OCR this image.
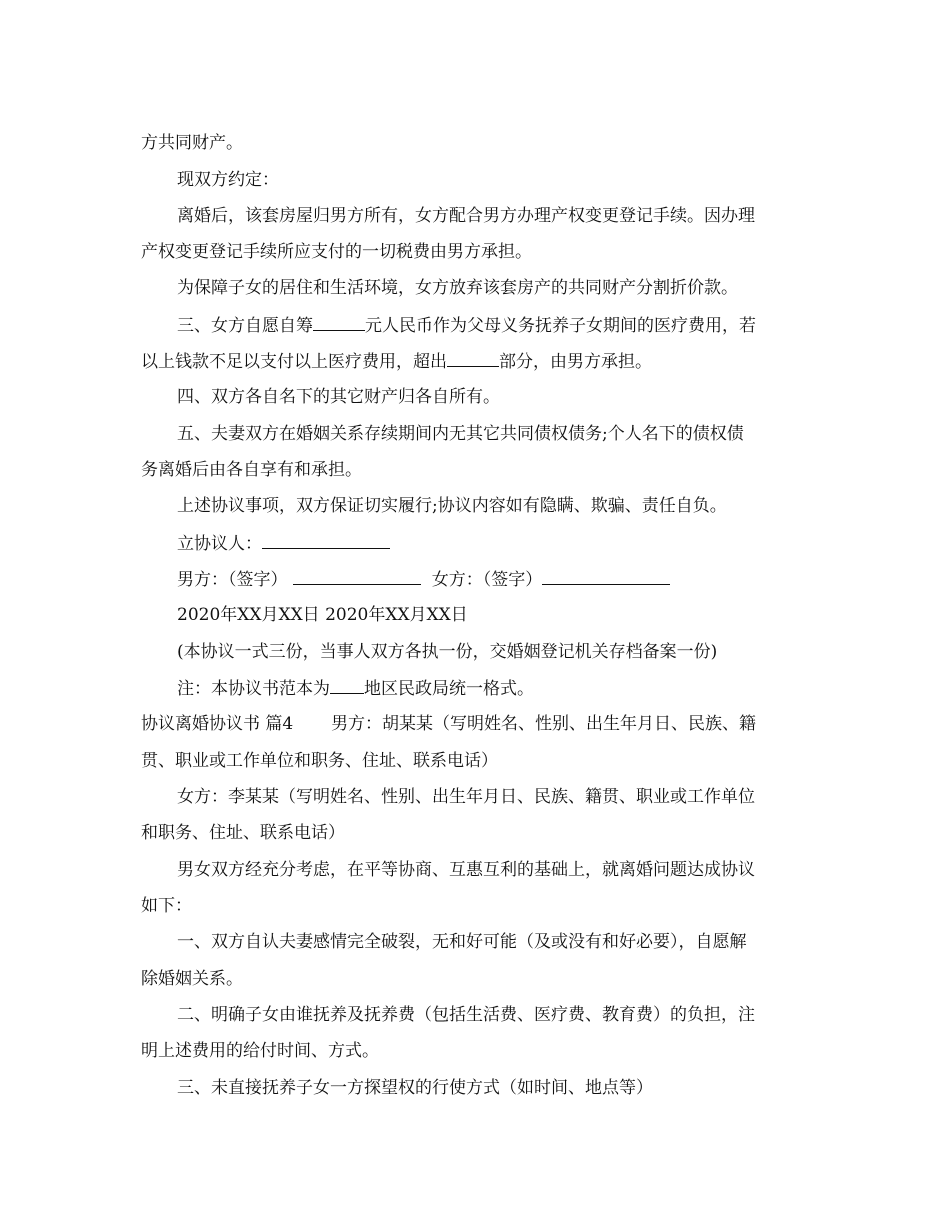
方共同财产。
现双方约定：
离婚后，该套房屋归男方所有，女方配合男方办理产权变更登记手续。因办理
产权变更登记手续所应支付的一切税费由男方承担。
为保障子女的居住和生活环境，女方放弃该套房产的共同财产分割折价款。
三、女方自愿自筹	元人民币作为父母义务抚养子女期间的医疗费用，若
以上钱款不足以支付以上医疗费用，超出	部分，由男方承担。
四、双方各自名下的其它财产归各自所有。
五、夫妻双方在婚姻关系存续期间内无其它共同债权债务;个人名下的债权债
务离婚后由各自享有和承担。
上述协议事项，双方保证切实履行;协议内容如有隐瞒、欺骗、责任自负。
立协议人：
男方：（签字）	女方：（签字）
2020年XX月XX日 2020年XX月XX日
(本协议一式三份，当事人双方各执一份，交婚姻登记机关存档备案一份)
注：本协议书范本为 地区民政局统一格式。
协议离婚协议书 篇4 男方：胡某某（写明姓名、性别、出生年月日、民族、籍
贯、职业或工作单位和职务、住址、联系电话）
女方：李某某（写明姓名、性别、出生年月日、民族、籍贯、职业或工作单位
和职务、住址、联系电话）
男女双方经充分考虑，在平等协商、互惠互利的基础上，就离婚问题达成协议
如下：
一、双方自认夫妻感情完全破裂，无和好可能（及或没有和好必要），自愿解
除婚姻关系。
二、明确子女由谁抚养及抚养费（包括生活费、医疗费、教育费）的负担，注
明上述费用的给付时间、方式。
三、未直接抚养子女一方探望权的行使方式（如时间、地点等）
